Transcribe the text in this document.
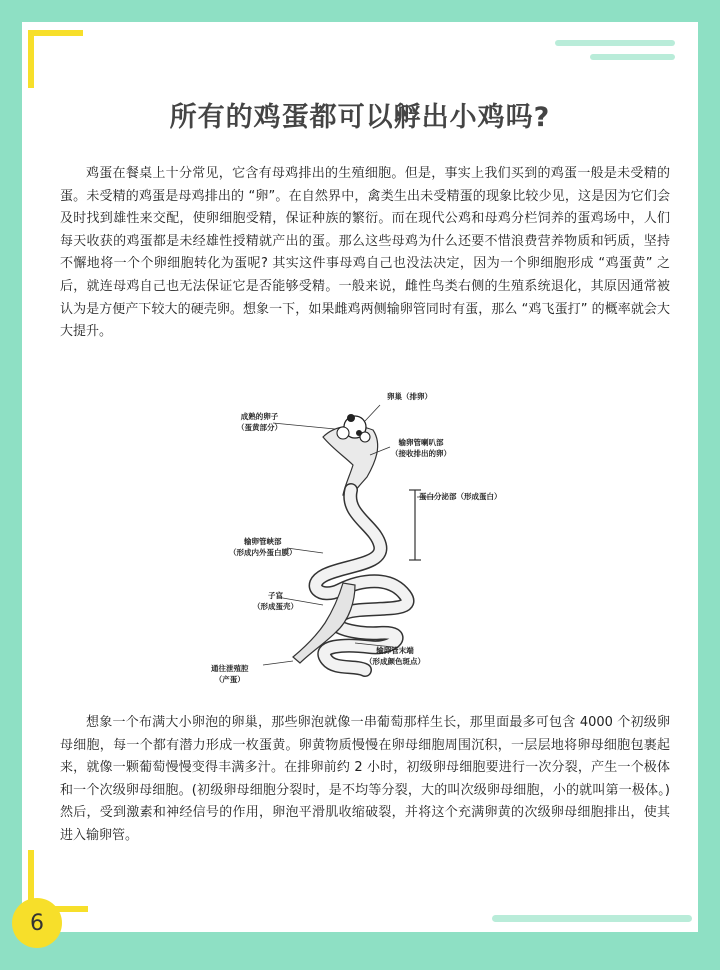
所有的鸡蛋都可以孵出小鸡吗?

鸡蛋在餐桌上十分常见，它含有母鸡排出的生殖细胞。但是，事实上我们买到的鸡蛋一般是未受精的蛋。未受精的鸡蛋是母鸡排出的 “卵”。在自然界中，禽类生出未受精蛋的现象比较少见，这是因为它们会及时找到雄性来交配，使卵细胞受精，保证种族的繁衍。而在现代公鸡和母鸡分栏饲养的蛋鸡场中，人们每天收获的鸡蛋都是未经雄性授精就产出的蛋。那么这些母鸡为什么还要不惜浪费营养物质和钙质，坚持不懈地将一个个卵细胞转化为蛋呢? 其实这件事母鸡自己也没法决定，因为一个卵细胞形成 “鸡蛋黄” 之后，就连母鸡自己也无法保证它是否能够受精。一般来说，雌性鸟类右侧的生殖系统退化，其原因通常被认为是方便产下较大的硬壳卵。想象一下，如果雌鸡两侧输卵管同时有蛋，那么 “鸡飞蛋打” 的概率就会大大提升。

卵巢（排卵）
成熟的卵子
（蛋黄部分）
输卵管喇叭部
（接收排出的卵）
蛋白分泌部（形成蛋白）
输卵管峡部
（形成内外蛋白膜）
子宫
（形成蛋壳）
输卵管末端
（形成颜色斑点）
通往泄殖腔
（产蛋）

想象一个布满大小卵泡的卵巢，那些卵泡就像一串葡萄那样生长，那里面最多可包含 4000 个初级卵母细胞，每一个都有潜力形成一枚蛋黄。卵黄物质慢慢在卵母细胞周围沉积，一层层地将卵母细胞包裹起来，就像一颗葡萄慢慢变得丰满多汁。在排卵前约 2 小时，初级卵母细胞要进行一次分裂，产生一个极体和一个次级卵母细胞。(初级卵母细胞分裂时，是不均等分裂，大的叫次级卵母细胞，小的就叫第一极体。) 然后，受到激素和神经信号的作用，卵泡平滑肌收缩破裂，并将这个充满卵黄的次级卵母细胞排出，使其进入输卵管。

6
